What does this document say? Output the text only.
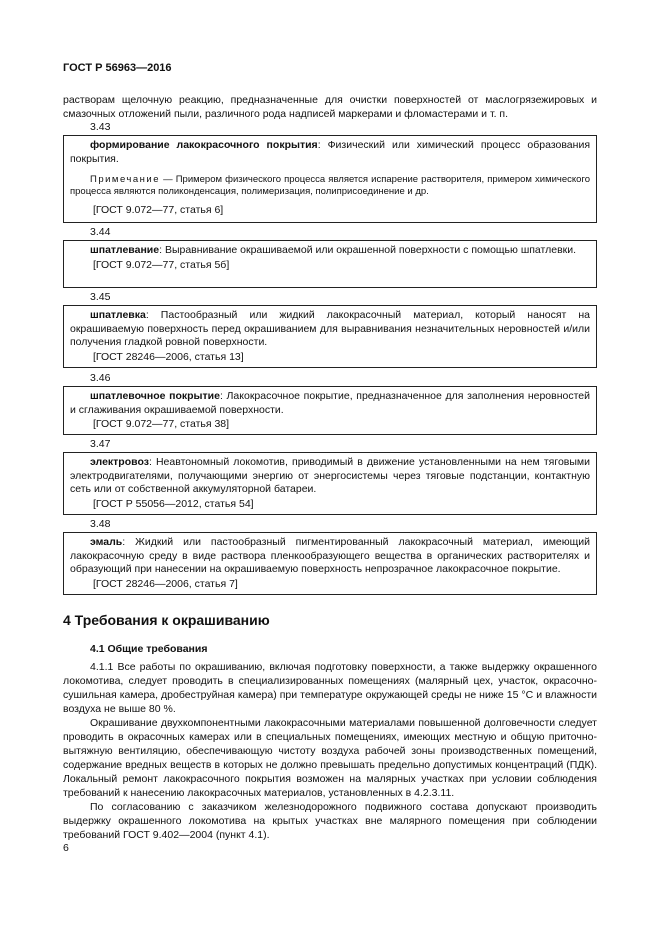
ГОСТ Р 56963—2016
растворам щелочную реакцию, предназначенные для очистки поверхностей от маслогрязежировых и смазочных отложений пыли, различного рода надписей маркерами и фломастерами и т. п.
3.43

формирование лакокрасочного покрытия: Физический или химический процесс образования покрытия.

Примечание — Примером физического процесса является испарение растворителя, примером химического процесса являются поликонденсация, полимеризация, полиприсоединение и др.

[ГОСТ 9.072—77, статья 6]

3.44

шпатлевание: Выравнивание окрашиваемой или окрашенной поверхности с помощью шпатлевки.

[ГОСТ 9.072—77, статья 5б]

3.45

шпатлевка: Пастообразный или жидкий лакокрасочный материал, который наносят на окрашиваемую поверхность перед окрашиванием для выравнивания незначительных неровностей и/или получения гладкой ровной поверхности.

[ГОСТ 28246—2006, статья 13]

3.46

шпатлевочное покрытие: Лакокрасочное покрытие, предназначенное для заполнения неровностей и сглаживания окрашиваемой поверхности.

[ГОСТ 9.072—77, статья 38]

3.47

электровоз: Неавтономный локомотив, приводимый в движение установленными на нем тяговыми электродвигателями, получающими энергию от энергосистемы через тяговые подстанции, контактную сеть или от собственной аккумуляторной батареи.

[ГОСТ Р 55056—2012, статья 54]

3.48

эмаль: Жидкий или пастообразный пигментированный лакокрасочный материал, имеющий лакокрасочную среду в виде раствора пленкообразующего вещества в органических растворителях и образующий при нанесении на окрашиваемую поверхность непрозрачное лакокрасочное покрытие.

[ГОСТ 28246—2006, статья 7]

4 Требования к окрашиванию
4.1 Общие требования

4.1.1 Все работы по окрашиванию, включая подготовку поверхности, а также выдержку окрашенного локомотива, следует проводить в специализированных помещениях (малярный цех, участок, окрасочно-сушильная камера, дробеструйная камера) при температуре окружающей среды не ниже 15 °С и влажности воздуха не выше 80 %.

Окрашивание двухкомпонентными лакокрасочными материалами повышенной долговечности следует проводить в окрасочных камерах или в специальных помещениях, имеющих местную и общую приточно-вытяжную вентиляцию, обеспечивающую чистоту воздуха рабочей зоны производственных помещений, содержание вредных веществ в которых не должно превышать предельно допустимых концентраций (ПДК). Локальный ремонт лакокрасочного покрытия возможен на малярных участках при условии соблюдения требований к нанесению лакокрасочных материалов, установленных в 4.2.3.11.

По согласованию с заказчиком железнодорожного подвижного состава допускают производить выдержку окрашенного локомотива на крытых участках вне малярного помещения при соблюдении требований ГОСТ 9.402—2004 (пункт 4.1).

6
